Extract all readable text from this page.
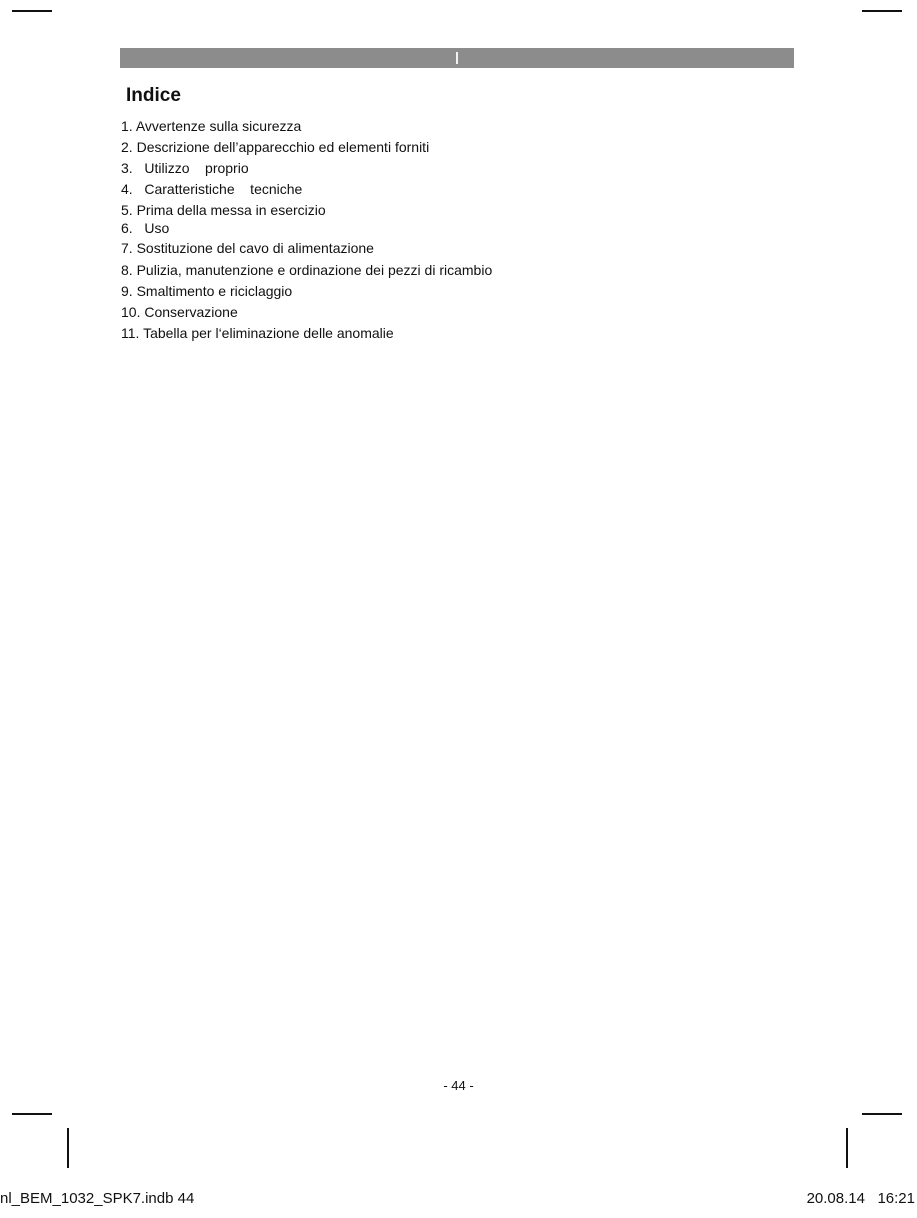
Indice
1. Avvertenze sulla sicurezza
2. Descrizione dell’apparecchio ed elementi forniti
3. Utilizzo    proprio
4. Caratteristiche    tecniche
5. Prima della messa in esercizio
6. Uso
7. Sostituzione del cavo di alimentazione
8. Pulizia, manutenzione e ordinazione dei pezzi di ricambio
9. Smaltimento e riciclaggio
10. Conservazione
11. Tabella per l‘eliminazione delle anomalie
- 44 -
nl_BEM_1032_SPK7.indb 44	20.08.14   16:21
